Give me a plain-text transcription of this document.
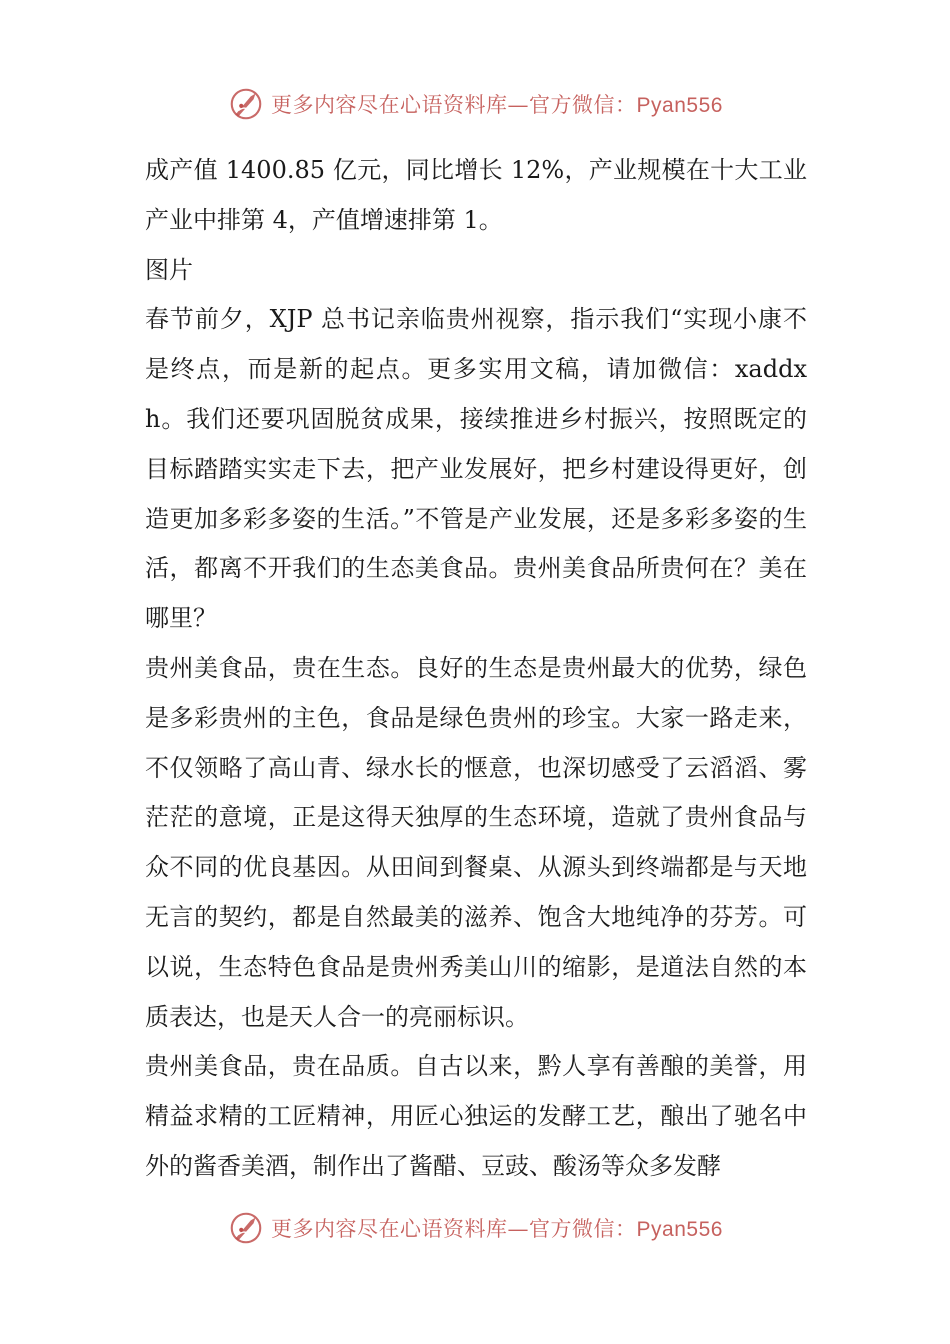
更多内容尽在心语资料库—官方微信：Pyan556

成产值 1400.85 亿元，同比增长 12%，产业规模在十大工业产业中排第 4，产值增速排第 1。

图片

春节前夕，XJP 总书记亲临贵州视察，指示我们“实现小康不是终点，而是新的起点。更多实用文稿，请加微信：xaddxh。我们还要巩固脱贫成果，接续推进乡村振兴，按照既定的目标踏踏实实走下去，把产业发展好，把乡村建设得更好，创造更加多彩多姿的生活。”不管是产业发展，还是多彩多姿的生活，都离不开我们的生态美食品。贵州美食品所贵何在？美在哪里？

贵州美食品，贵在生态。良好的生态是贵州最大的优势，绿色是多彩贵州的主色，食品是绿色贵州的珍宝。大家一路走来，不仅领略了高山青、绿水长的惬意，也深切感受了云滔滔、雾茫茫的意境，正是这得天独厚的生态环境，造就了贵州食品与众不同的优良基因。从田间到餐桌、从源头到终端都是与天地无言的契约，都是自然最美的滋养、饱含大地纯净的芬芳。可以说，生态特色食品是贵州秀美山川的缩影，是道法自然的本质表达，也是天人合一的亮丽标识。

贵州美食品，贵在品质。自古以来，黔人享有善酿的美誉，用精益求精的工匠精神，用匠心独运的发酵工艺，酿出了驰名中外的酱香美酒，制作出了酱醋、豆豉、酸汤等众多发酵

更多内容尽在心语资料库—官方微信：Pyan556
